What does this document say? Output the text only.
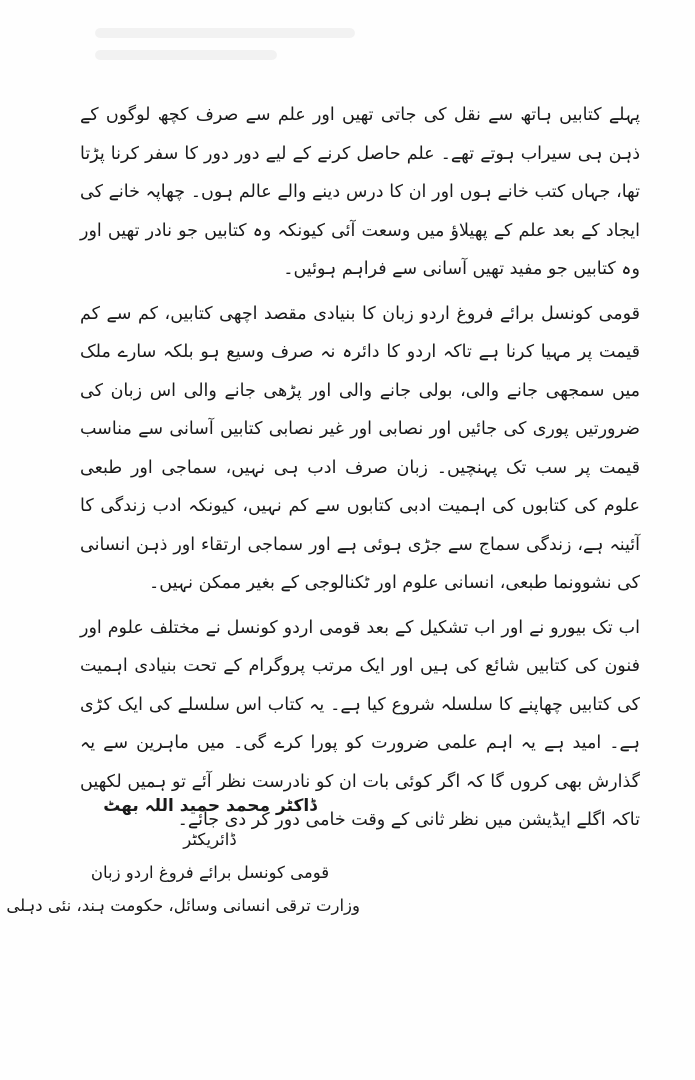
پہلے کتابیں ہاتھ سے نقل کی جاتی تھیں اور علم سے صرف کچھ لوگوں کے ذہن ہی سیراب ہوتے تھے۔ علم حاصل کرنے کے لیے دور دور کا سفر کرنا پڑتا تھا، جہاں کتب خانے ہوں اور ان کا درس دینے والے عالم ہوں۔ چھاپہ خانے کی ایجاد کے بعد علم کے پھیلاؤ میں وسعت آئی کیونکہ وہ کتابیں جو نادر تھیں اور وہ کتابیں جو مفید تھیں آسانی سے فراہم ہوئیں۔

قومی کونسل برائے فروغ اردو زبان کا بنیادی مقصد اچھی کتابیں، کم سے کم قیمت پر مہیا کرنا ہے تاکہ اردو کا دائرہ نہ صرف وسیع ہو بلکہ سارے ملک میں سمجھی جانے والی، بولی جانے والی اور پڑھی جانے والی اس زبان کی ضرورتیں پوری کی جائیں اور نصابی اور غیر نصابی کتابیں آسانی سے مناسب قیمت پر سب تک پہنچیں۔ زبان صرف ادب ہی نہیں، سماجی اور طبعی علوم کی کتابوں کی اہمیت ادبی کتابوں سے کم نہیں، کیونکہ ادب زندگی کا آئینہ ہے، زندگی سماج سے جڑی ہوئی ہے اور سماجی ارتقاء اور ذہن انسانی کی نشوونما طبعی، انسانی علوم اور ٹکنالوجی کے بغیر ممکن نہیں۔

اب تک بیورو نے اور اب تشکیل کے بعد قومی اردو کونسل نے مختلف علوم اور فنون کی کتابیں شائع کی ہیں اور ایک مرتب پروگرام کے تحت بنیادی اہمیت کی کتابیں چھاپنے کا سلسلہ شروع کیا ہے۔ یہ کتاب اس سلسلے کی ایک کڑی ہے۔ امید ہے یہ اہم علمی ضرورت کو پورا کرے گی۔ میں ماہرین سے یہ گذارش بھی کروں گا کہ اگر کوئی بات ان کو نادرست نظر آئے تو ہمیں لکھیں تاکہ اگلے ایڈیشن میں نظر ثانی کے وقت خامی دور کر دی جائے۔

ڈاکٹر محمد حمید اللہ بھٹ
ڈائریکٹر
قومی کونسل برائے فروغ اردو زبان
وزارت ترقی انسانی وسائل، حکومت ہند، نئی دہلی
